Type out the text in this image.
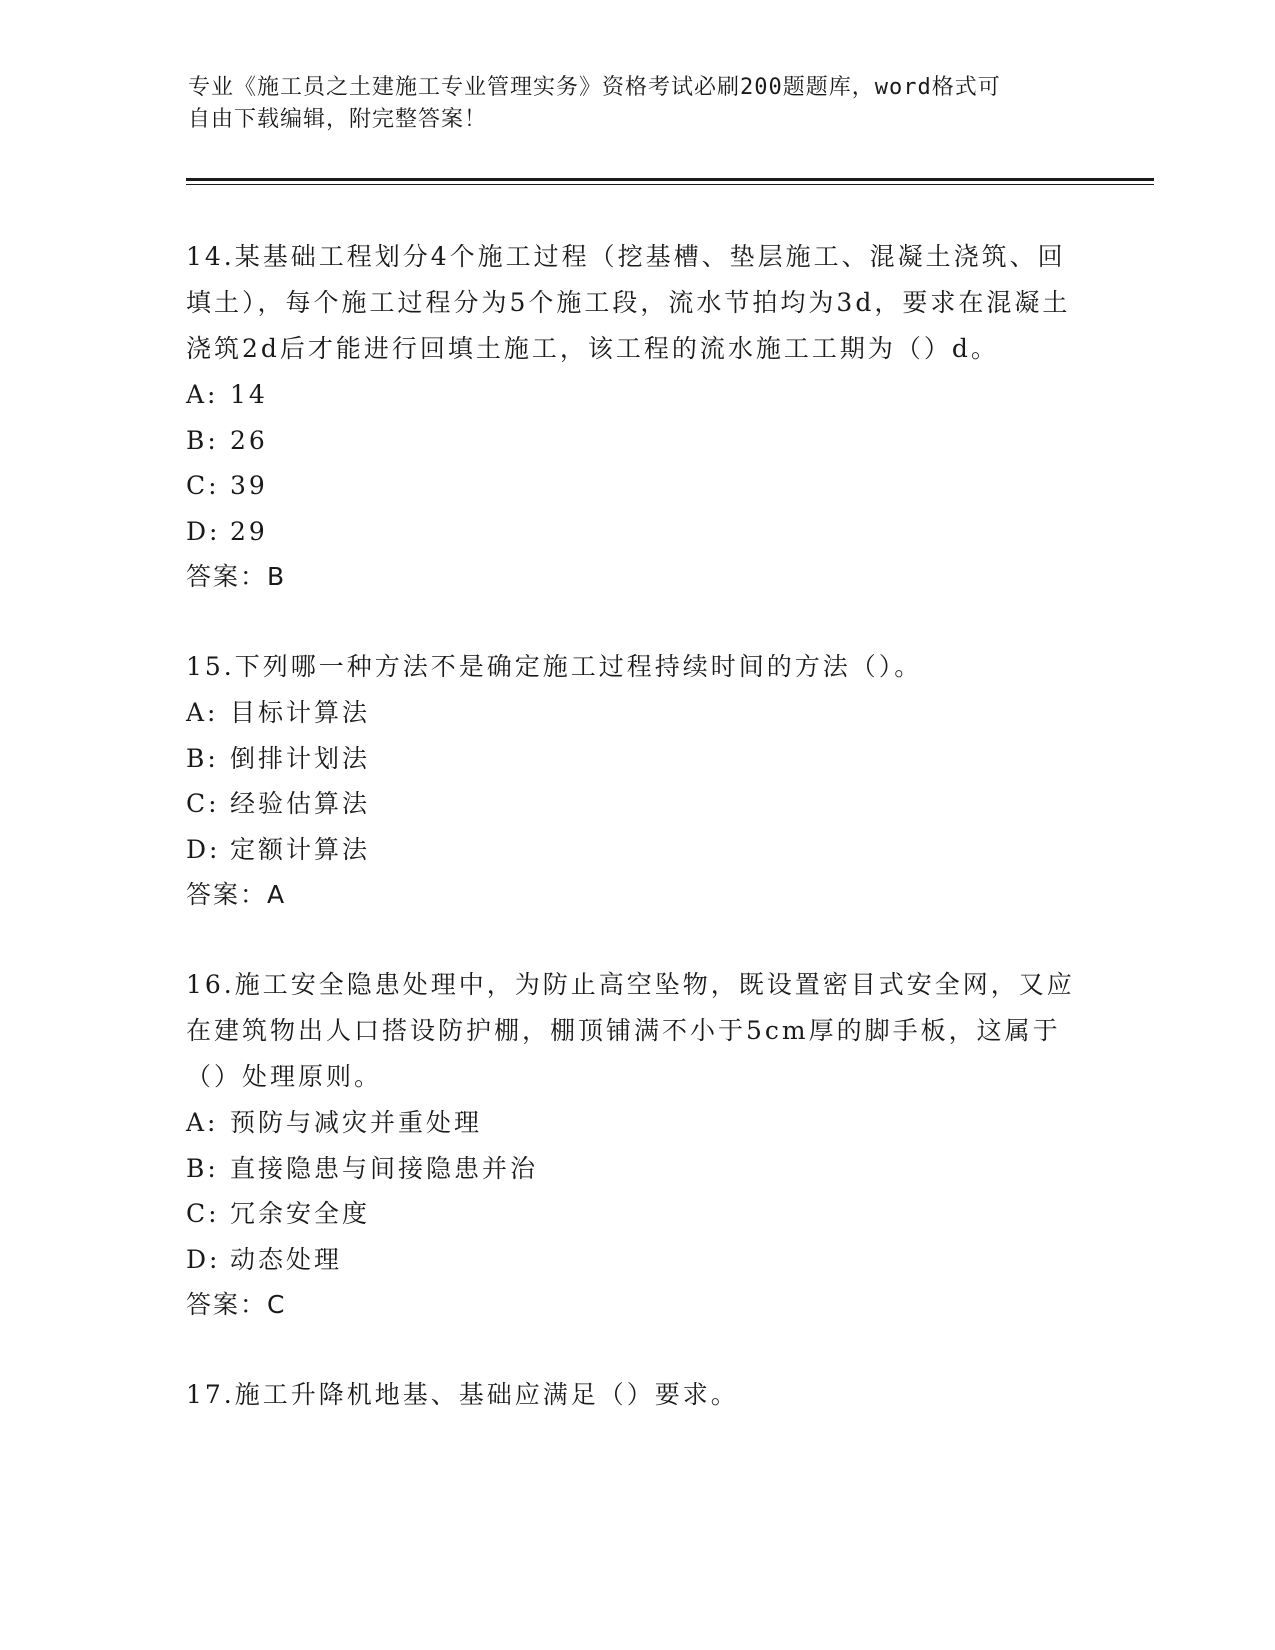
专业《施工员之土建施工专业管理实务》资格考试必刷200题题库，word格式可
自由下载编辑，附完整答案！

14.某基础工程划分4个施工过程（挖基槽、垫层施工、混凝土浇筑、回填土），每个施工过程分为5个施工段，流水节拍均为3d，要求在混凝土浇筑2d后才能进行回填土施工，该工程的流水施工工期为（）d。

A: 14

B: 26

C: 39

D: 29

答案：B

15.下列哪一种方法不是确定施工过程持续时间的方法（）。

A: 目标计算法

B: 倒排计划法

C: 经验估算法

D: 定额计算法

答案：A

16.施工安全隐患处理中，为防止高空坠物，既设置密目式安全网，又应在建筑物出人口搭设防护棚，棚顶铺满不小于5cm厚的脚手板，这属于（）处理原则。

A: 预防与减灾并重处理

B: 直接隐患与间接隐患并治

C: 冗余安全度

D: 动态处理

答案：C

17.施工升降机地基、基础应满足（）要求。
